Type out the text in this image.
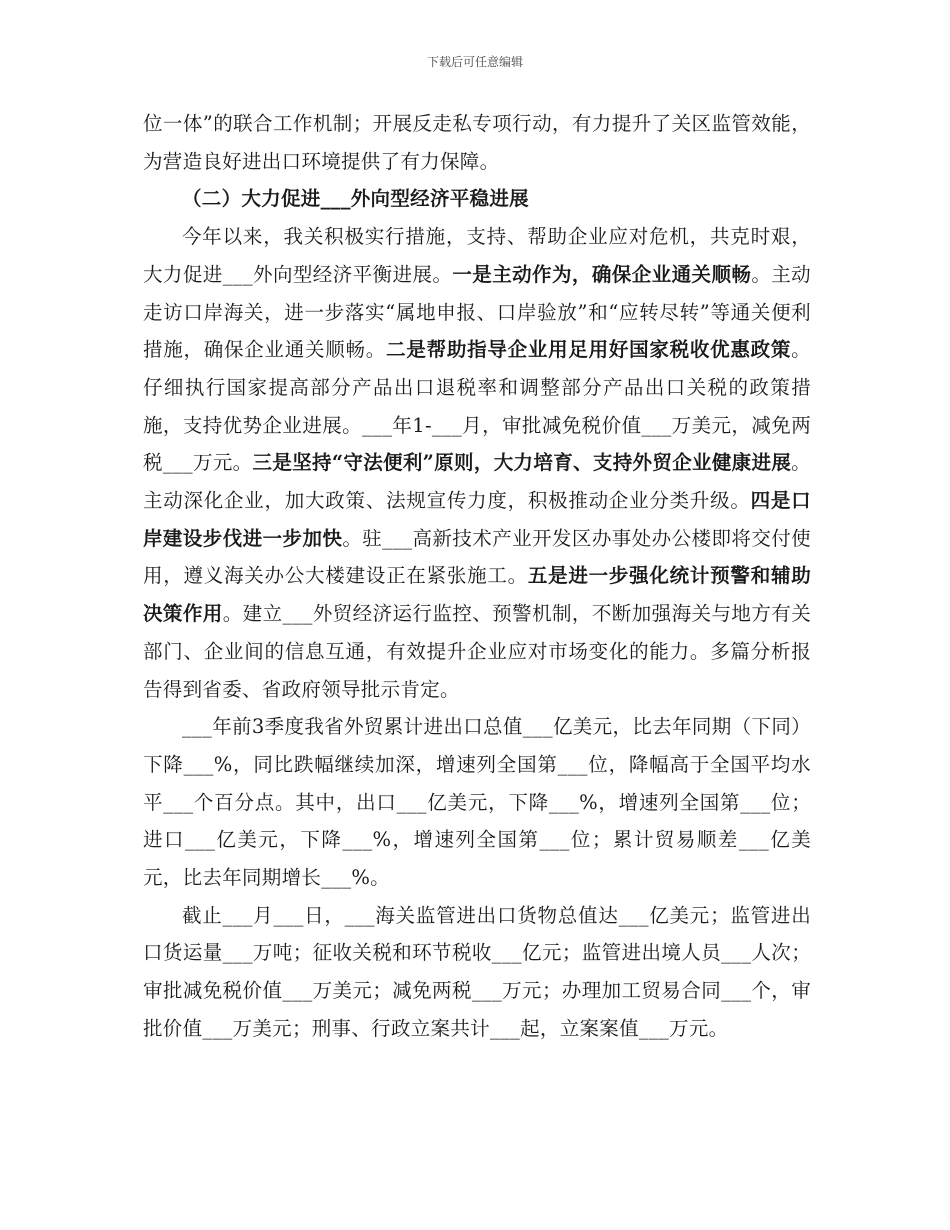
下载后可任意编辑

位一体”的联合工作机制；开展反走私专项行动，有力提升了关区监管效能，为营造良好进出口环境提供了有力保障。

（二）大力促进___外向型经济平稳进展

今年以来，我关积极实行措施，支持、帮助企业应对危机，共克时艰，大力促进___外向型经济平衡进展。一是主动作为，确保企业通关顺畅。主动走访口岸海关，进一步落实“属地申报、口岸验放”和“应转尽转”等通关便利措施，确保企业通关顺畅。二是帮助指导企业用足用好国家税收优惠政策。仔细执行国家提高部分产品出口退税率和调整部分产品出口关税的政策措施，支持优势企业进展。___年1-___月，审批减免税价值___万美元，减免两税___万元。三是坚持“守法便利”原则，大力培育、支持外贸企业健康进展。主动深化企业，加大政策、法规宣传力度，积极推动企业分类升级。四是口岸建设步伐进一步加快。驻___高新技术产业开发区办事处办公楼即将交付使用，遵义海关办公大楼建设正在紧张施工。五是进一步强化统计预警和辅助决策作用。建立___外贸经济运行监控、预警机制，不断加强海关与地方有关部门、企业间的信息互通，有效提升企业应对市场变化的能力。多篇分析报告得到省委、省政府领导批示肯定。

___年前3季度我省外贸累计进出口总值___亿美元，比去年同期（下同）下降___%，同比跌幅继续加深，增速列全国第___位，降幅高于全国平均水平___个百分点。其中，出口___亿美元，下降___%，增速列全国第___位；进口___亿美元，下降___%，增速列全国第___位；累计贸易顺差___亿美元，比去年同期增长___%。

截止___月___日，___海关监管进出口货物总值达___亿美元；监管进出口货运量___万吨；征收关税和环节税收___亿元；监管进出境人员___人次；审批减免税价值___万美元；减免两税___万元；办理加工贸易合同___个，审批价值___万美元；刑事、行政立案共计___起，立案案值___万元。
